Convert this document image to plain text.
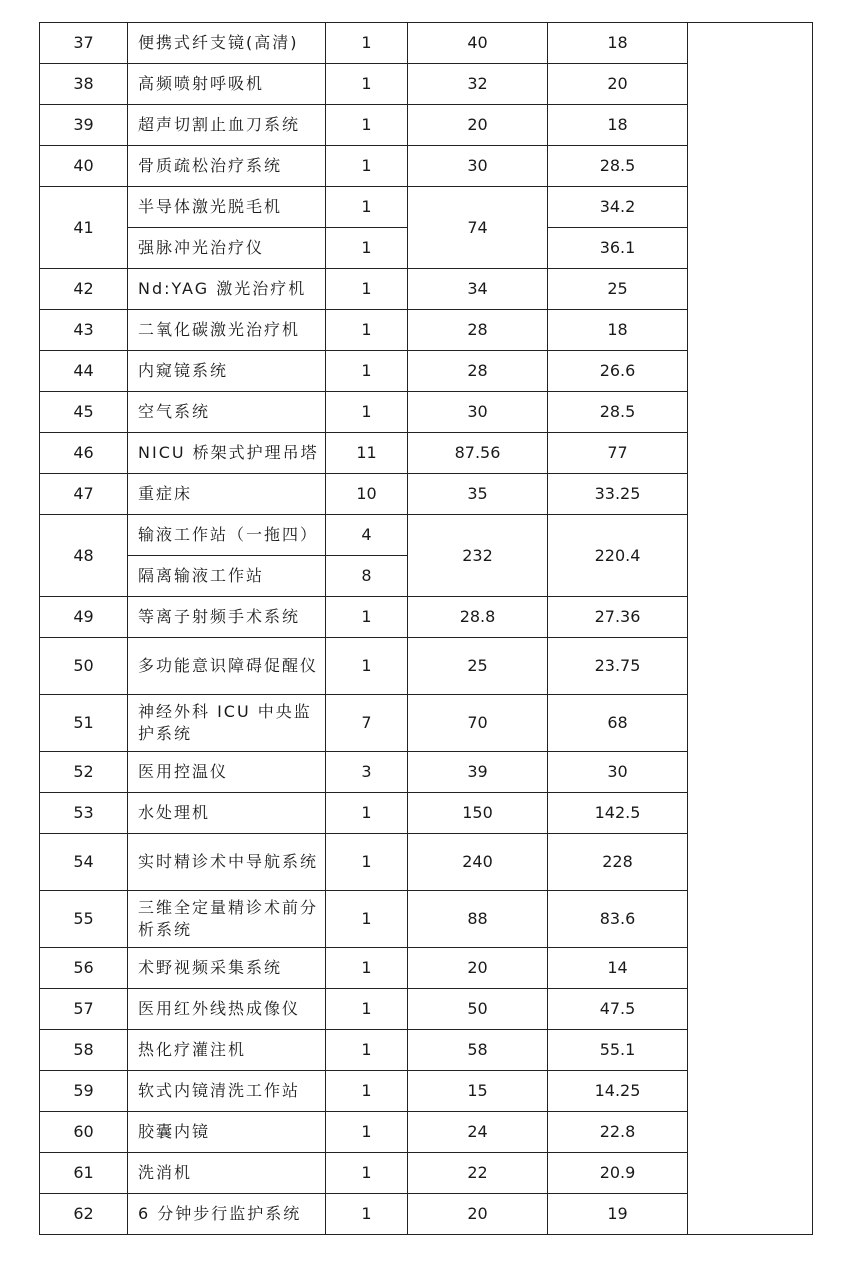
37	便携式纤支镜(高清)	1	40	18	
38	高频喷射呼吸机	1	32	20	
39	超声切割止血刀系统	1	20	18	
40	骨质疏松治疗系统	1	30	28.5	
41	半导体激光脱毛机	1	74	34.2	
	强脉冲光治疗仪	1		36.1	
42	Nd:YAG 激光治疗机	1	34	25	
43	二氧化碳激光治疗机	1	28	18	
44	内窥镜系统	1	28	26.6	
45	空气系统	1	30	28.5	
46	NICU 桥架式护理吊塔	11	87.56	77	
47	重症床	10	35	33.25	
48	输液工作站（一拖四）	4	232	220.4	
	隔离输液工作站	8			
49	等离子射频手术系统	1	28.8	27.36	
50	多功能意识障碍促醒仪	1	25	23.75	
51	神经外科 ICU 中央监护系统	7	70	68	
52	医用控温仪	3	39	30	
53	水处理机	1	150	142.5	
54	实时精诊术中导航系统	1	240	228	
55	三维全定量精诊术前分析系统	1	88	83.6	
56	术野视频采集系统	1	20	14	
57	医用红外线热成像仪	1	50	47.5	
58	热化疗灌注机	1	58	55.1	
59	软式内镜清洗工作站	1	15	14.25	
60	胶囊内镜	1	24	22.8	
61	洗消机	1	22	20.9	
62	6 分钟步行监护系统	1	20	19	
